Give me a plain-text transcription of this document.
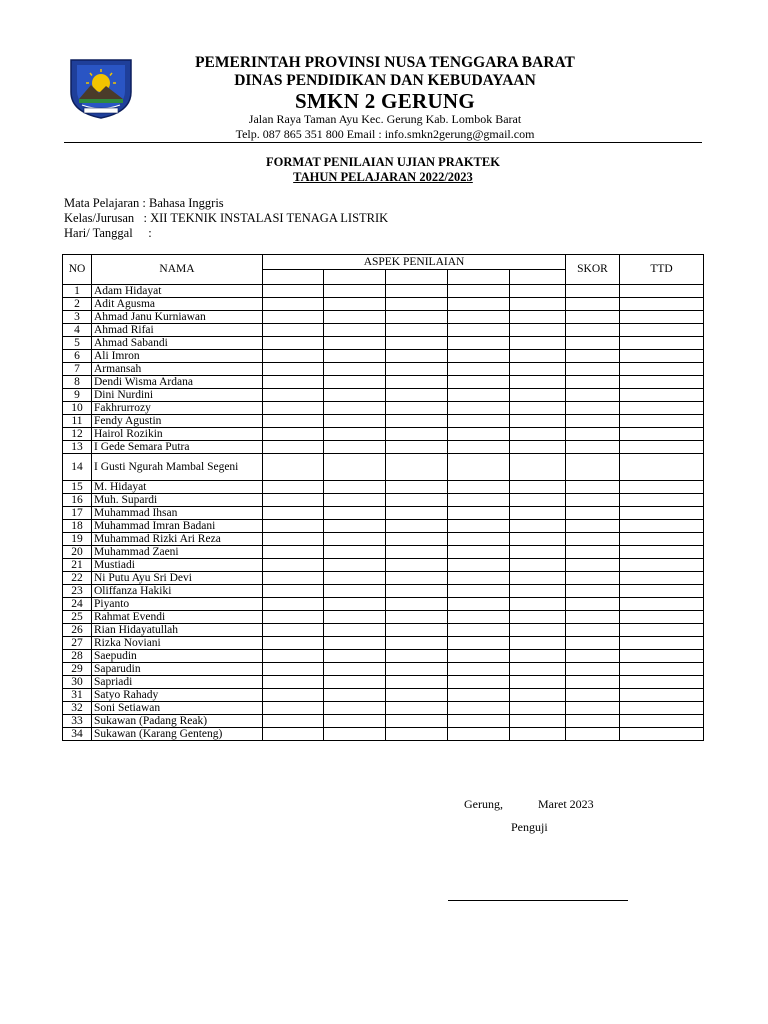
PEMERINTAH PROVINSI NUSA TENGGARA BARAT
DINAS PENDIDIKAN DAN KEBUDAYAAN
SMKN 2 GERUNG
Jalan Raya Taman Ayu Kec. Gerung Kab. Lombok Barat
Telp. 087 865 351 800 Email : info.smkn2gerung@gmail.com
FORMAT PENILAIAN UJIAN PRAKTEK
TAHUN PELAJARAN 2022/2023
Mata Pelajaran : Bahasa Inggris
Kelas/Jurusan   : XII TEKNIK INSTALASI TENAGA LISTRIK
Hari/ Tanggal     :
NO	NAMA	ASPEK PENILAIAN					SKOR	TTD

1	Adam Hidayat							
2	Adit Agusma							
3	Ahmad Janu Kurniawan							
4	Ahmad Rifai							
5	Ahmad Sabandi							
6	Ali Imron							
7	Armansah							
8	Dendi Wisma Ardana							
9	Dini Nurdini							
10	Fakhrurrozy							
11	Fendy Agustin							
12	Hairol Rozikin							
13	I Gede Semara Putra							
14	I Gusti Ngurah Mambal Segeni							
15	M. Hidayat							
16	Muh. Supardi							
17	Muhammad Ihsan							
18	Muhammad Imran Badani							
19	Muhammad Rizki Ari Reza							
20	Muhammad Zaeni							
21	Mustiadi							
22	Ni Putu Ayu Sri Devi							
23	Oliffanza Hakiki							
24	Piyanto							
25	Rahmat Evendi							
26	Rian Hidayatullah							
27	Rizka Noviani							
28	Saepudin							
29	Saparudin							
30	Sapriadi							
31	Satyo Rahady							
32	Soni Setiawan							
33	Sukawan (Padang Reak)							
34	Sukawan (Karang Genteng)							
Gerung,	Maret 2023
Penguji
